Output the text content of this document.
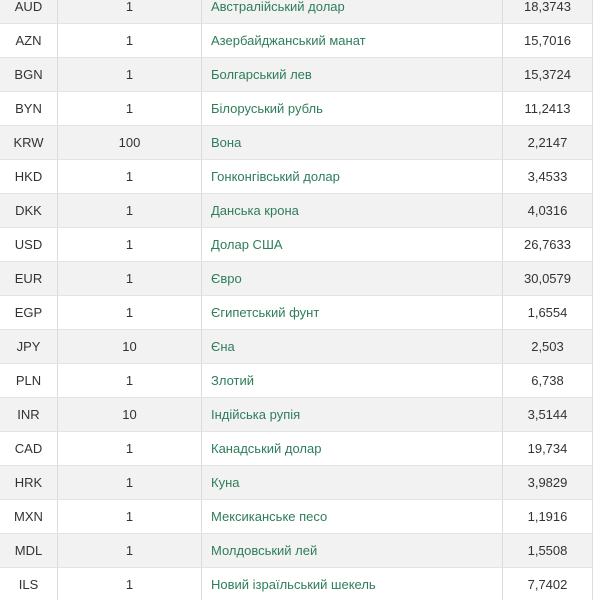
AUD	1	Австралійський долар	18,3743
AZN	1	Азербайджанський манат	15,7016
BGN	1	Болгарський лев	15,3724
BYN	1	Білоруський рубль	11,2413
KRW	100	Вона	2,2147
HKD	1	Гонконгівський долар	3,4533
DKK	1	Данська крона	4,0316
USD	1	Долар США	26,7633
EUR	1	Євро	30,0579
EGP	1	Єгипетський фунт	1,6554
JPY	10	Єна	2,503
PLN	1	Злотий	6,738
INR	10	Індійська рупія	3,5144
CAD	1	Канадський долар	19,734
HRK	1	Куна	3,9829
MXN	1	Мексиканське песо	1,1916
MDL	1	Молдовський лей	1,5508
ILS	1	Новий ізраїльський шекель	7,7402
